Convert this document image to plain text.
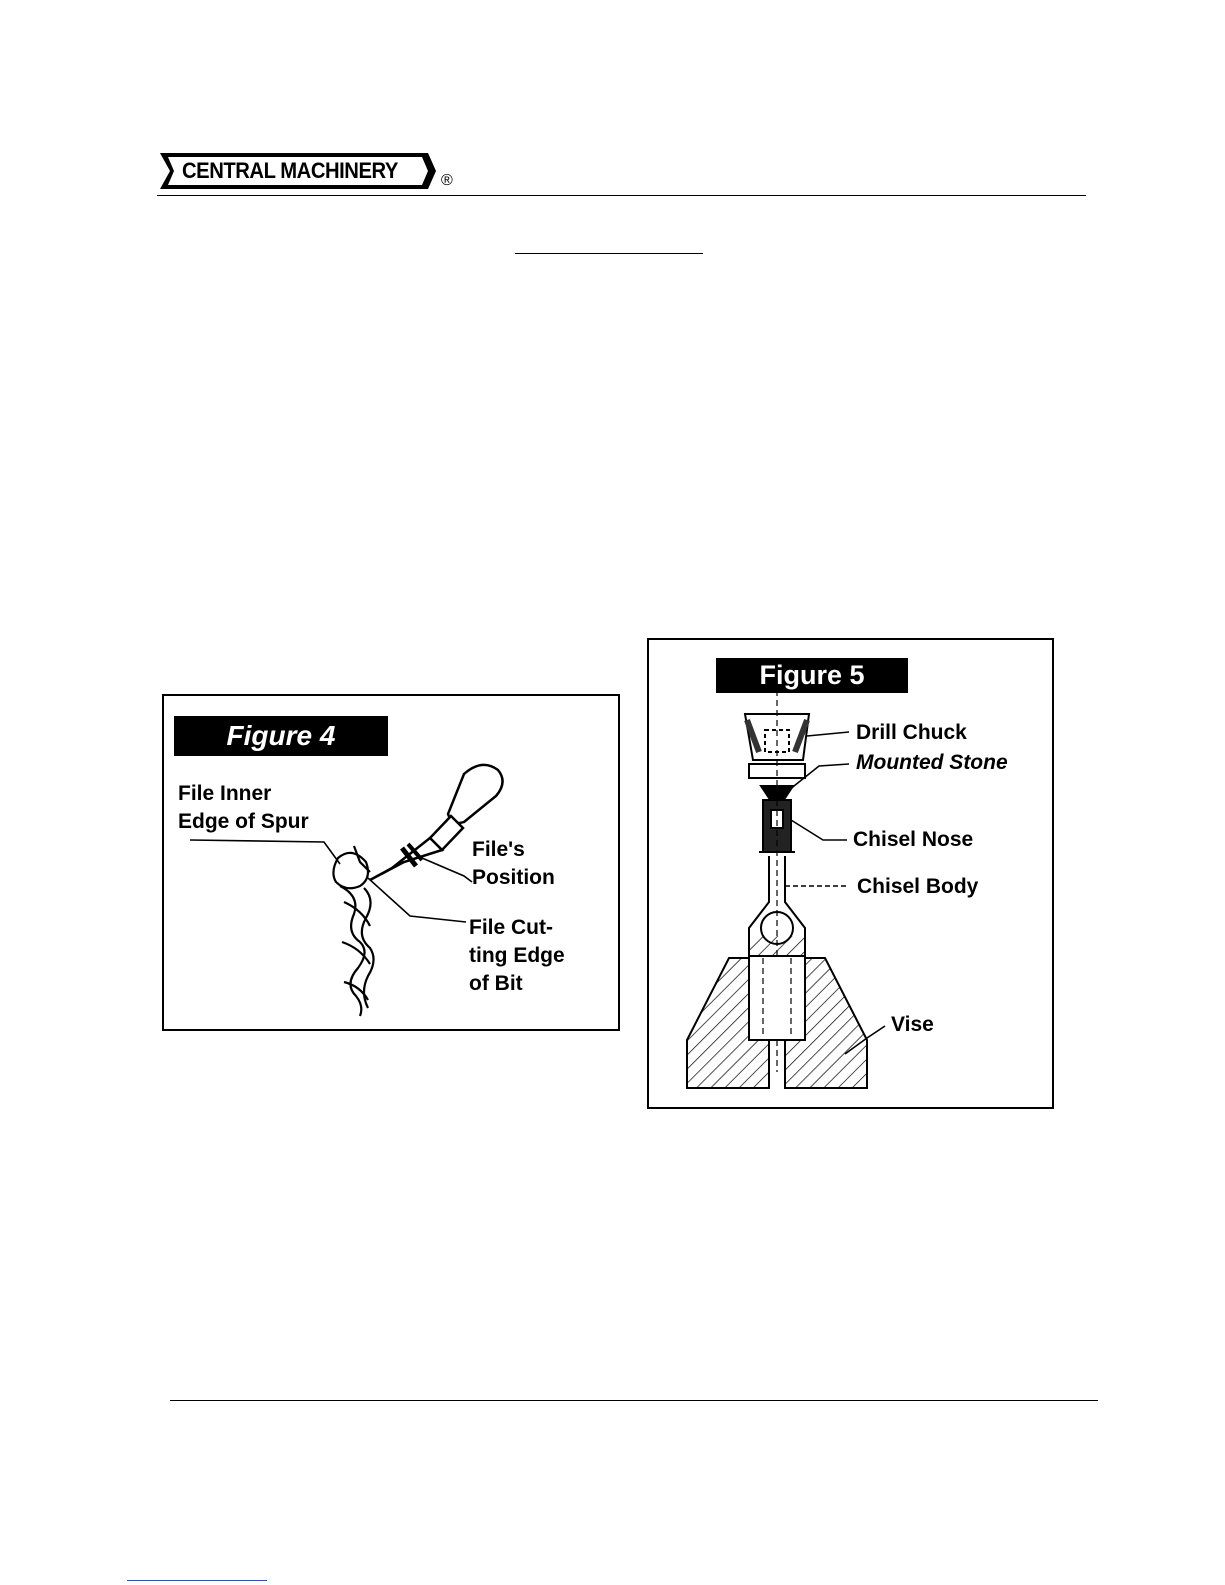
CENTRAL MACHINERY	®
Figure 4
File Inner
Edge of Spur
File's
Position
File Cut-
ting Edge
of Bit
Figure 5
Drill Chuck
Mounted Stone
Chisel Nose
Chisel Body
Vise
